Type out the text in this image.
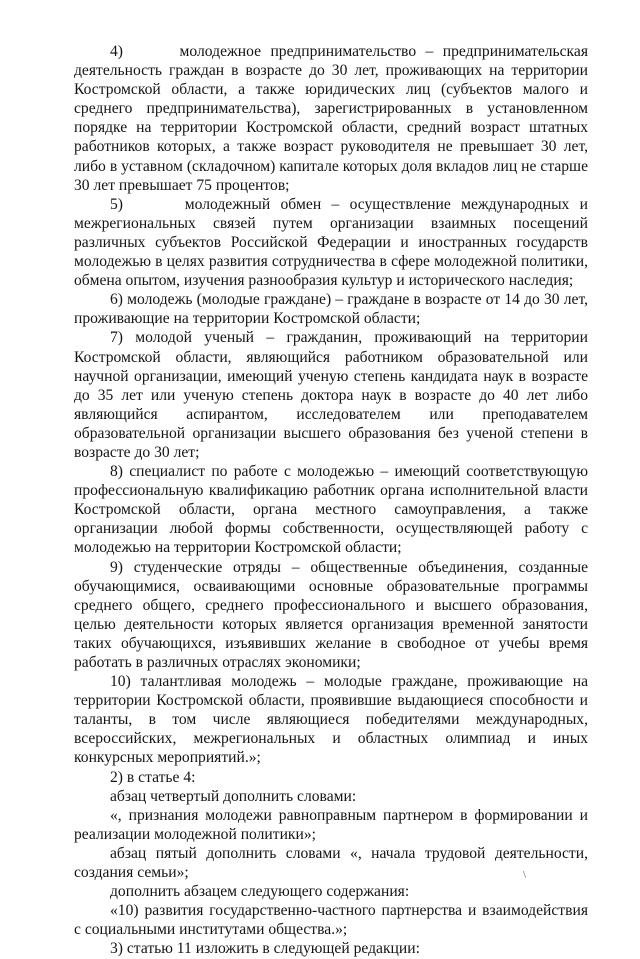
4)      молодежное предпринимательство – предпринимательская деятельность граждан в возрасте до 30 лет, проживающих на территории Костромской области, а также юридических лиц (субъектов малого и среднего предпринимательства), зарегистрированных в установленном порядке на территории Костромской области, средний возраст штатных работников которых, а также возраст руководителя не превышает 30 лет, либо в уставном (складочном) капитале которых доля вкладов лиц не старше 30 лет превышает 75 процентов;

5)      молодежный обмен – осуществление международных и межрегиональных связей путем организации взаимных посещений различных субъектов Российской Федерации и иностранных государств молодежью в целях развития сотрудничества в сфере молодежной политики, обмена опытом, изучения разнообразия культур и исторического наследия;

6) молодежь (молодые граждане) – граждане в возрасте от 14 до 30 лет, проживающие на территории Костромской области;

7) молодой ученый – гражданин, проживающий на территории Костромской области, являющийся работником образовательной или научной организации, имеющий ученую степень кандидата наук в возрасте до 35 лет или ученую степень доктора наук в возрасте до 40 лет либо являющийся аспирантом, исследователем или преподавателем образовательной организации высшего образования без ученой степени в возрасте до 30 лет;

8) специалист по работе с молодежью – имеющий соответствующую профессиональную квалификацию работник органа исполнительной власти Костромской области, органа местного самоуправления, а также организации любой формы собственности, осуществляющей работу с молодежью на территории Костромской области;

9) студенческие отряды – общественные объединения, созданные обучающимися, осваивающими основные образовательные программы среднего общего, среднего профессионального и высшего образования, целью деятельности которых является организация временной занятости таких обучающихся, изъявивших желание в свободное от учебы время работать в различных отраслях экономики;

10) талантливая молодежь – молодые граждане, проживающие на территории Костромской области, проявившие выдающиеся способности и таланты, в том числе являющиеся победителями международных, всероссийских, межрегиональных и областных олимпиад и иных конкурсных мероприятий.»;

2) в статье 4:

абзац четвертый дополнить словами:

«, признания молодежи равноправным партнером в формировании и реализации молодежной политики»;

абзац пятый дополнить словами «, начала трудовой деятельности, создания семьи»;

дополнить абзацем следующего содержания:

«10) развития государственно-частного партнерства и взаимодействия с социальными институтами общества.»;

3) статью 11 изложить в следующей редакции:

\
